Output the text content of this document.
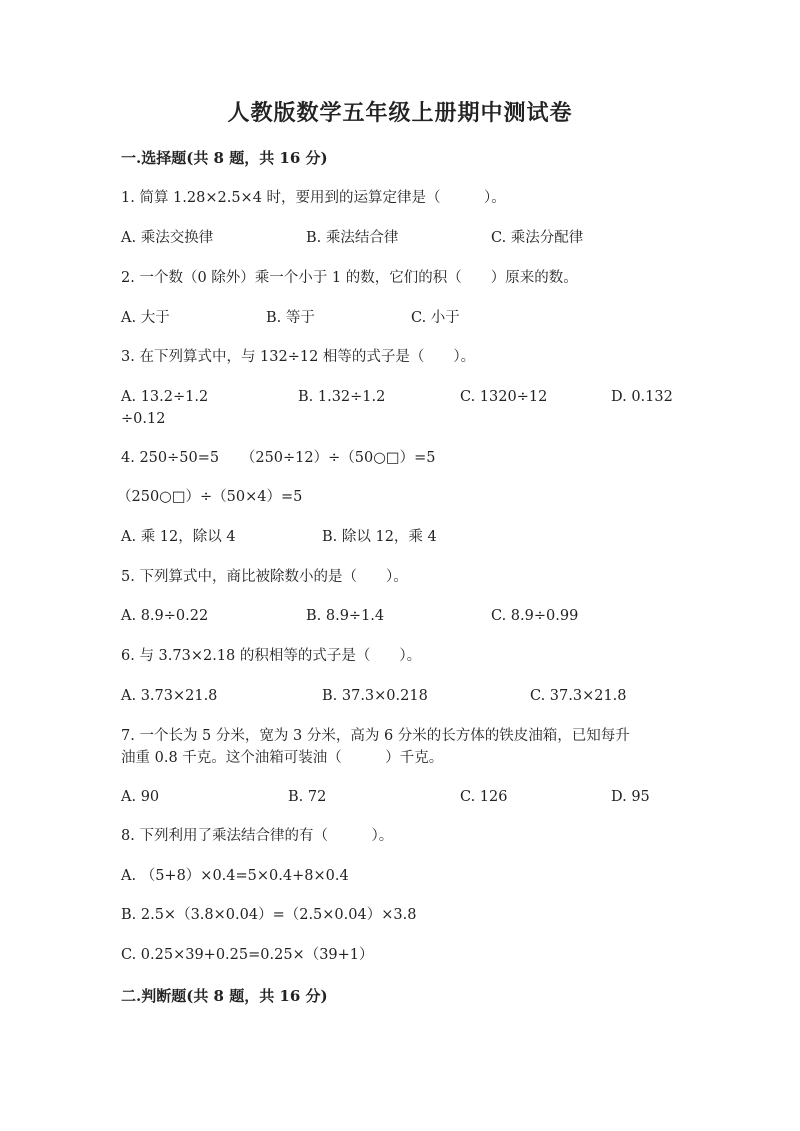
人教版数学五年级上册期中测试卷
一.选择题(共 8 题，共 16 分)
1. 简算 1.28×2.5×4 时，要用到的运算定律是（　　　）。
A. 乘法交换律	B. 乘法结合律	C. 乘法分配律
2. 一个数（0 除外）乘一个小于 1 的数，它们的积（　　）原来的数。
A. 大于	B. 等于	C. 小于
3. 在下列算式中，与 132÷12 相等的式子是（　　）。
A. 13.2÷1.2	B. 1.32÷1.2	C. 1320÷12	D. 0.132
÷0.12
4. 250÷50=5　　（250÷12）÷（50○□）=5
（250○□）÷（50×4）=5
A. 乘 12，除以 4	B. 除以 12，乘 4
5. 下列算式中，商比被除数小的是（　　）。
A. 8.9÷0.22	B. 8.9÷1.4	C. 8.9÷0.99
6. 与 3.73×2.18 的积相等的式子是（　　）。
A. 3.73×21.8	B. 37.3×0.218	C. 37.3×21.8
7. 一个长为 5 分米，宽为 3 分米，高为 6 分米的长方体的铁皮油箱，已知每升
油重 0.8 千克。这个油箱可装油（　　　）千克。
A. 90	B. 72	C. 126	D. 95
8. 下列利用了乘法结合律的有（　　　）。
A. （5+8）×0.4=5×0.4+8×0.4
B. 2.5×（3.8×0.04）=（2.5×0.04）×3.8
C. 0.25×39+0.25=0.25×（39+1）
二.判断题(共 8 题，共 16 分)
